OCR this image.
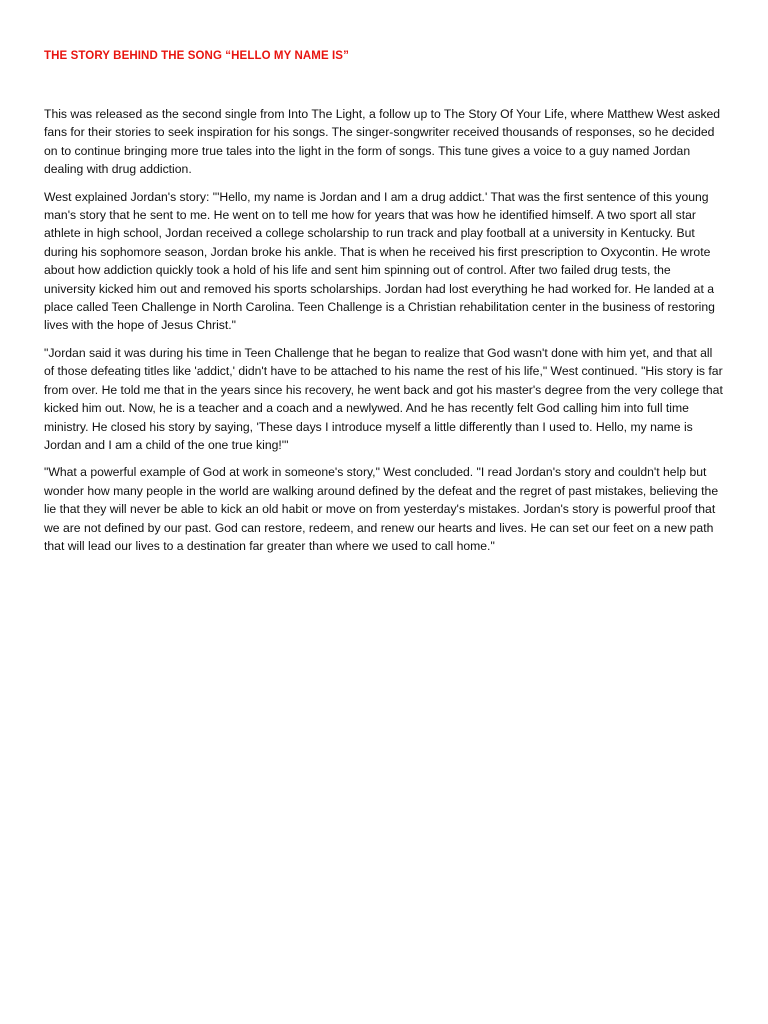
THE STORY BEHIND THE SONG “HELLO MY NAME IS”

This was released as the second single from Into The Light, a follow up to The Story Of Your Life, where Matthew West asked fans for their stories to seek inspiration for his songs. The singer-songwriter received thousands of responses, so he decided on to continue bringing more true tales into the light in the form of songs. This tune gives a voice to a guy named Jordan dealing with drug addiction.

West explained Jordan's story: "'Hello, my name is Jordan and I am a drug addict.' That was the first sentence of this young man's story that he sent to me. He went on to tell me how for years that was how he identified himself. A two sport all star athlete in high school, Jordan received a college scholarship to run track and play football at a university in Kentucky. But during his sophomore season, Jordan broke his ankle. That is when he received his first prescription to Oxycontin. He wrote about how addiction quickly took a hold of his life and sent him spinning out of control. After two failed drug tests, the university kicked him out and removed his sports scholarships. Jordan had lost everything he had worked for. He landed at a place called Teen Challenge in North Carolina. Teen Challenge is a Christian rehabilitation center in the business of restoring lives with the hope of Jesus Christ."

"Jordan said it was during his time in Teen Challenge that he began to realize that God wasn't done with him yet, and that all of those defeating titles like 'addict,' didn't have to be attached to his name the rest of his life," West continued. "His story is far from over. He told me that in the years since his recovery, he went back and got his master's degree from the very college that kicked him out. Now, he is a teacher and a coach and a newlywed. And he has recently felt God calling him into full time ministry. He closed his story by saying, 'These days I introduce myself a little differently than I used to. Hello, my name is Jordan and I am a child of the one true king!'"

"What a powerful example of God at work in someone's story," West concluded. "I read Jordan's story and couldn't help but wonder how many people in the world are walking around defined by the defeat and the regret of past mistakes, believing the lie that they will never be able to kick an old habit or move on from yesterday's mistakes. Jordan's story is powerful proof that we are not defined by our past. God can restore, redeem, and renew our hearts and lives. He can set our feet on a new path that will lead our lives to a destination far greater than where we used to call home."
